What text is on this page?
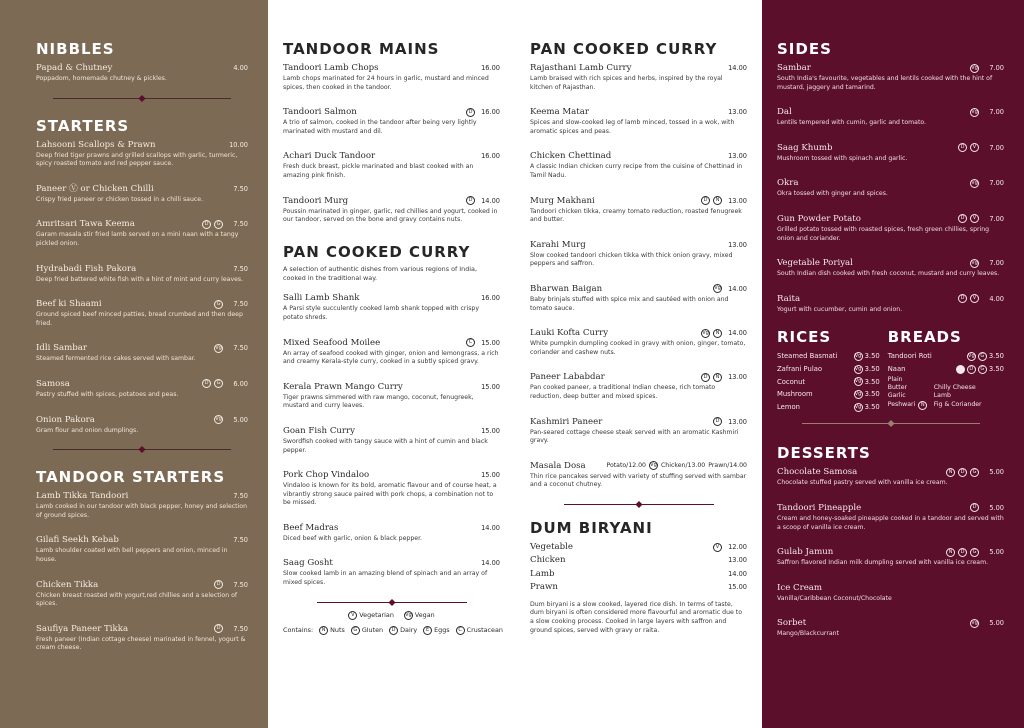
NIBBLES
Papad & Chutney	4.00
Poppadom, homemade chutney & pickles.
STARTERS
Lahsooni Scallops & Prawn	10.00
Deep fried tiger prawns and grilled scallops with garlic, turmeric, spicy roasted tomato and red pepper sauce.
Paneer Ⓥ or Chicken Chilli	7.50
Crispy fried paneer or chicken tossed in a chilli sauce.
Amritsari Tawa Keema	D	G	7.50
Garam masala stir fried lamb served on a mini naan with a tangy pickled onion.
Hydrabadi Fish Pakora	7.50
Deep fried battered white fish with a hint of mint and curry leaves.
Beef ki Shaami	G	7.50
Ground spiced beef minced patties, bread crumbed and then deep fried.
Idli Sambar	Vg	7.50
Steamed fermented rice cakes served with sambar.
Samosa	D	G	6.00
Pastry stuffed with spices, potatoes and peas.
Onion Pakora	Vg	5.00
Gram flour and onion dumplings.
TANDOOR STARTERS
Lamb Tikka Tandoori	7.50
Lamb cooked in our tandoor with black pepper, honey and selection of ground spices.
Gilafi Seekh Kebab	7.50
Lamb shoulder coated with bell peppers and onion, minced in house.
Chicken Tikka	D	7.50
Chicken breast roasted with yogurt,red chillies and a selection of spices.
Saufiya Paneer Tikka	D	7.50
Fresh paneer (Indian cottage cheese) marinated in fennel, yogurt & cream cheese.
TANDOOR MAINS
Tandoori Lamb Chops	16.00
Lamb chops marinated for 24 hours in garlic, mustard and minced spices, then cooked in the tandoor.
Tandoori Salmon	D	16.00
A trio of salmon, cooked in the tandoor after being very lightly marinated with mustard and dil.
Achari Duck Tandoor	16.00
Fresh duck breast, pickle marinated and blast cooked with an amazing pink finish.
Tandoori Murg	D	14.00
Poussin marinated in ginger, garlic, red chillies and yogurt, cooked in our tandoor, served on the bone and gravy contains nuts.
PAN COOKED CURRY

A selection of authentic dishes from various regions of India, cooked in the traditional way.

Salli Lamb Shank	16.00
A Parsi style succulently cooked lamb shank topped with crispy potato shreds.
Mixed Seafood Moilee	C	15.00
An array of seafood cooked with ginger, onion and lemongrass, a rich and creamy Kerala-style curry, cooked in a subtly spiced gravy.
Kerala Prawn Mango Curry	15.00
Tiger prawns simmered with raw mango, coconut, fenugreek, mustard and curry leaves.
Goan Fish Curry	15.00
Swordfish cooked with tangy sauce with a hint of cumin and black pepper.
Pork Chop Vindaloo	15.00
Vindaloo is known for its bold, aromatic flavour and of course heat, a vibrantly strong sauce paired with pork chops, a combination not to be missed.
Beef Madras	14.00
Diced beef with garlic, onion & black pepper.
Saag Gosht	14.00
Slow cooked lamb in an amazing blend of spinach and an array of mixed spices.
V Vegetarian Vg Vegan
Contains:	N Nuts	G Gluten	D Dairy	E Eggs	C Crustacean
PAN COOKED CURRY
Rajasthani Lamb Curry	14.00
Lamb braised with rich spices and herbs, inspired by the royal kitchen of Rajasthan.
Keema Matar	13.00
Spices and slow-cooked leg of lamb minced, tossed in a wok, with aromatic spices and peas.
Chicken Chettinad	13.00
A classic Indian chicken curry recipe from the cuisine of Chettinad in Tamil Nadu.
Murg Makhani	D	N	13.00
Tandoori chicken tikka, creamy tomato reduction, roasted fenugreek and butter.
Karahi Murg	13.00
Slow cooked tandoori chicken tikka with thick onion gravy, mixed peppers and saffron.
Bharwan Baigan	Vg	14.00
Baby brinjals stuffed with spice mix and sautéed with onion and tomato sauce.
Lauki Kofta Curry	Vg	N	14.00
White pumpkin dumpling cooked in gravy with onion, ginger, tomato, coriander and cashew nuts.
Paneer Lababdar	D	N	13.00
Pan cooked paneer, a traditional Indian cheese, rich tomato reduction, deep butter and mixed spices.
Kashmiri Paneer	D	13.00
Pan-seared cottage cheese steak served with an aromatic Kashmiri gravy.
Masala Dosa	Potato/12.00 Vg Chicken/13.00 Prawn/14.00
Thin rice pancakes served with variety of stuffing served with sambar and a coconut chutney.
DUM BIRYANI
Vegetable	V	12.00
Chicken	13.00
Lamb	14.00
Prawn	15.00
Dum biryani is a slow cooked, layered rice dish. In terms of taste, dum biryani is often considered more flavourful and aromatic due to a slow cooking process. Cooked in large layers with saffron and ground spices, served with gravy or raita.
SIDES
Sambar	Vg	7.00
South India's favourite, vegetables and lentils cooked with the hint of mustard, jaggery and tamarind.
Dal	Vg	7.00
Lentils tempered with cumin, garlic and tomato.
Saag Khumb	D	V	7.00
Mushroom tossed with spinach and garlic.
Okra	Vg	7.00
Okra tossed with ginger and spices.
Gun Powder Potato	D	V	7.00
Grilled potato tossed with roasted spices, fresh green chillies, spring onion and coriander.
Vegetable Poriyal	Vg	7.00
South Indian dish cooked with fresh coconut, mustard and curry leaves.
Raita	D	V	4.00
Yogurt with cucumber, cumin and onion.
RICES
Steamed Basmati	Vg 3.50
Zafrani Pulao	Vg 3.50
Coconut	Vg 3.50
Mushroom	Vg 3.50
Lemon	Vg 3.50
BREADS
Tandoori Roti	Vg	G 3.50
Naan	D	G 3.50
Plain
Butter	Chilly Cheese
Garlic	Lamb
Peshwari	N	Fig & Coriander
DESSERTS
Chocolate Samosa	N	D	G	5.00
Chocolate stuffed pastry served with vanilla ice cream.
Tandoori Pineapple	D	5.00
Cream and honey-soaked pineapple cooked in a tandoor and served with a scoop of vanilla ice cream.
Gulab Jamun	N	D	G	5.00
Saffron flavored Indian milk dumpling served with vanilla ice cream.
Ice Cream
Vanilla/Caribbean Coconut/Chocolate
Sorbet	Vg	5.00
Mango/Blackcurrant
